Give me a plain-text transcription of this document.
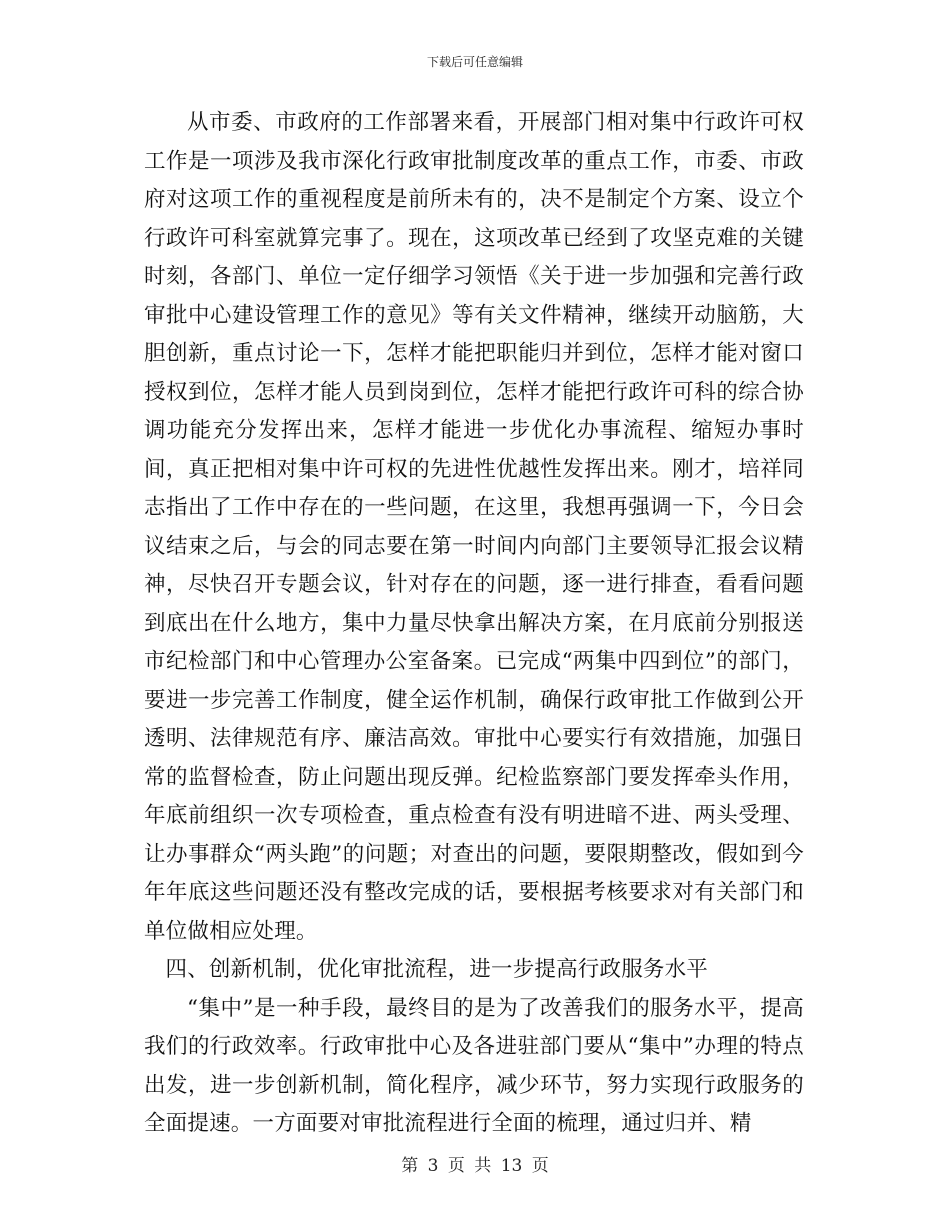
下载后可任意编辑

从市委、市政府的工作部署来看，开展部门相对集中行政许可权工作是一项涉及我市深化行政审批制度改革的重点工作，市委、市政府对这项工作的重视程度是前所未有的，决不是制定个方案、设立个行政许可科室就算完事了。现在，这项改革已经到了攻坚克难的关键时刻，各部门、单位一定仔细学习领悟《关于进一步加强和完善行政审批中心建设管理工作的意见》等有关文件精神，继续开动脑筋，大胆创新，重点讨论一下，怎样才能把职能归并到位，怎样才能对窗口授权到位，怎样才能人员到岗到位，怎样才能把行政许可科的综合协调功能充分发挥出来，怎样才能进一步优化办事流程、缩短办事时间，真正把相对集中许可权的先进性优越性发挥出来。刚才，培祥同志指出了工作中存在的一些问题，在这里，我想再强调一下，今日会议结束之后，与会的同志要在第一时间内向部门主要领导汇报会议精神，尽快召开专题会议，针对存在的问题，逐一进行排查，看看问题到底出在什么地方，集中力量尽快拿出解决方案，在月底前分别报送市纪检部门和中心管理办公室备案。已完成“两集中四到位”的部门，要进一步完善工作制度，健全运作机制，确保行政审批工作做到公开透明、法律规范有序、廉洁高效。审批中心要实行有效措施，加强日常的监督检查，防止问题出现反弹。纪检监察部门要发挥牵头作用，年底前组织一次专项检查，重点检查有没有明进暗不进、两头受理、让办事群众“两头跑”的问题；对查出的问题，要限期整改，假如到今年年底这些问题还没有整改完成的话，要根据考核要求对有关部门和单位做相应处理。

四、创新机制，优化审批流程，进一步提高行政服务水平

“集中”是一种手段，最终目的是为了改善我们的服务水平，提高我们的行政效率。行政审批中心及各进驻部门要从“集中”办理的特点出发，进一步创新机制，简化程序，减少环节，努力实现行政服务的全面提速。一方面要对审批流程进行全面的梳理，通过归并、精

第 3 页 共 13 页
